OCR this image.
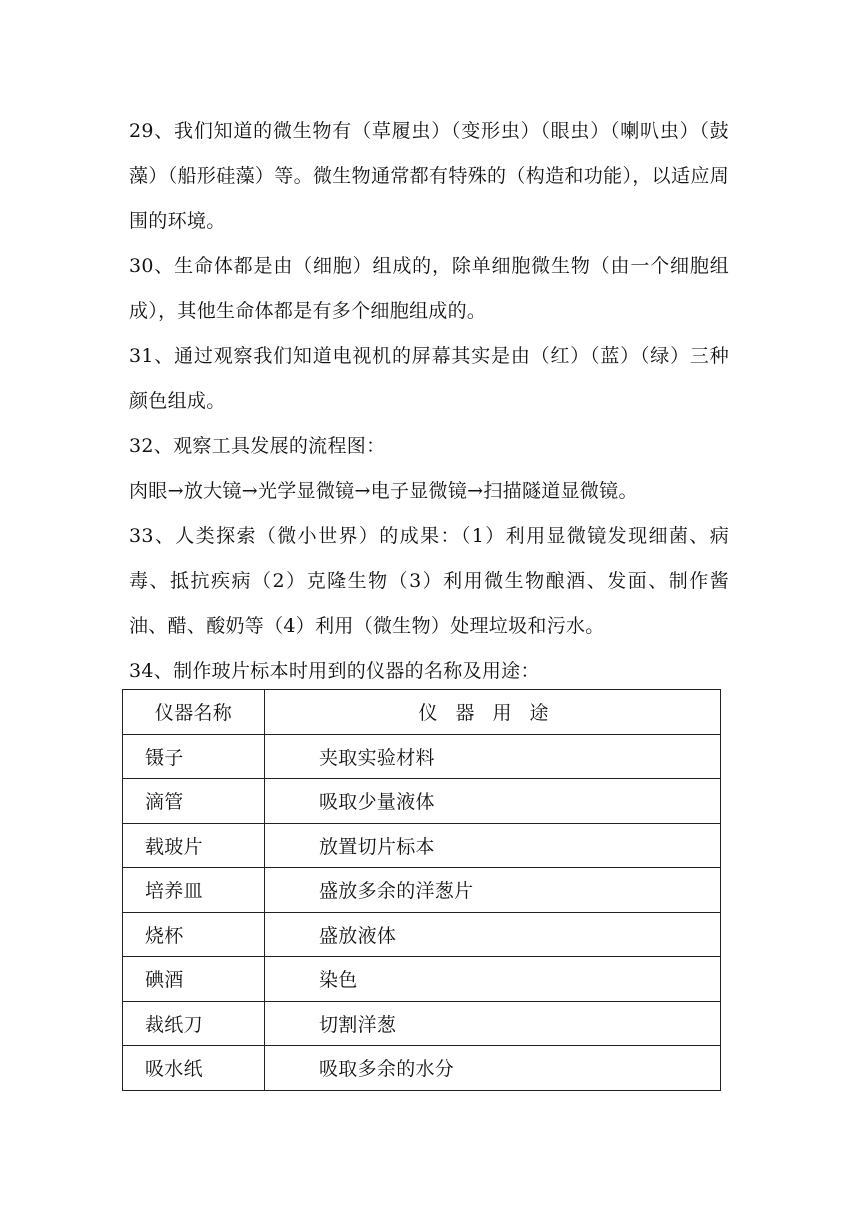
29、我们知道的微生物有（草履虫）（变形虫）（眼虫）（喇叭虫）（鼓藻）（船形硅藻）等。微生物通常都有特殊的（构造和功能），以适应周围的环境。

30、生命体都是由（细胞）组成的，除单细胞微生物（由一个细胞组成），其他生命体都是有多个细胞组成的。

31、通过观察我们知道电视机的屏幕其实是由（红）（蓝）（绿）三种颜色组成。

32、观察工具发展的流程图：

肉眼→放大镜→光学显微镜→电子显微镜→扫描隧道显微镜。

33、人类探索（微小世界）的成果：（1）利用显微镜发现细菌、病毒、抵抗疾病（2）克隆生物（3）利用微生物酿酒、发面、制作酱油、醋、酸奶等（4）利用（微生物）处理垃圾和污水。

34、制作玻片标本时用到的仪器的名称及用途：

仪器名称	仪器用途
镊子	夹取实验材料
滴管	吸取少量液体
载玻片	放置切片标本
培养皿	盛放多余的洋葱片
烧杯	盛放液体
碘酒	染色
裁纸刀	切割洋葱
吸水纸	吸取多余的水分
